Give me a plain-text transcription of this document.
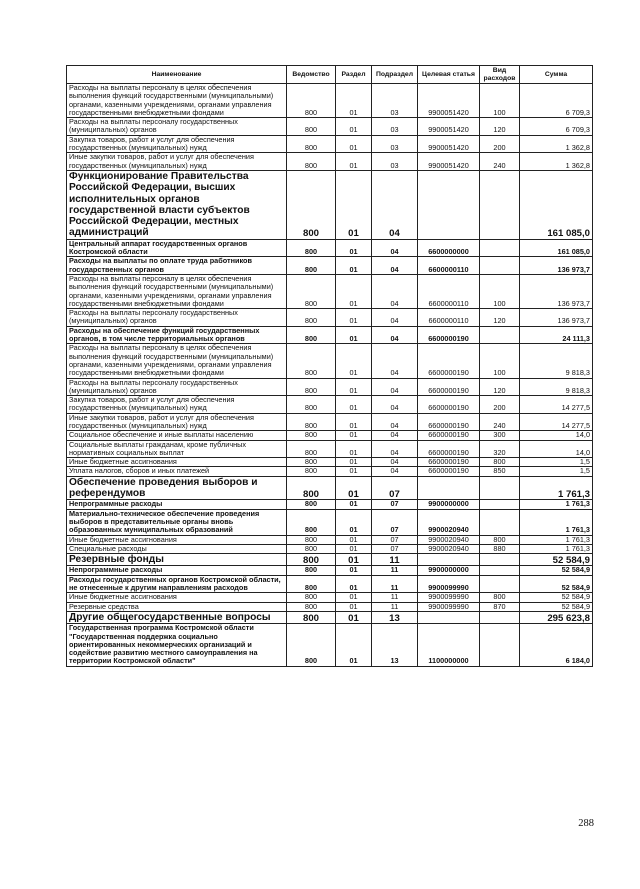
Наименование	Ведомство	Раздел	Подраздел	Целевая статья	Вид расходов	Сумма
Расходы на выплаты персоналу в целях обеспечения выполнения функций государственными (муниципальными) органами, казенными учреждениями, органами управления государственными внебюджетными фондами	800	01	03	9900051420	100	6 709,3
Расходы на выплаты персоналу государственных (муниципальных) органов	800	01	03	9900051420	120	6 709,3
Закупка товаров, работ и услуг для обеспечения государственных (муниципальных) нужд	800	01	03	9900051420	200	1 362,8
Иные закупки товаров, работ и услуг для обеспечения государственных (муниципальных) нужд	800	01	03	9900051420	240	1 362,8
Функционирование Правительства Российской Федерации, высших исполнительных органов государственной власти субъектов Российской Федерации, местных администраций	800	01	04			161 085,0
Центральный аппарат государственных органов Костромской области	800	01	04	6600000000		161 085,0
Расходы на выплаты по оплате труда работников государственных органов	800	01	04	6600000110		136 973,7
Расходы на выплаты персоналу в целях обеспечения выполнения функций государственными (муниципальными) органами, казенными учреждениями, органами управления государственными внебюджетными фондами	800	01	04	6600000110	100	136 973,7
Расходы на выплаты персоналу государственных (муниципальных) органов	800	01	04	6600000110	120	136 973,7
Расходы на обеспечение функций государственных органов, в том числе территориальных органов	800	01	04	6600000190		24 111,3
Расходы на выплаты персоналу в целях обеспечения выполнения функций государственными (муниципальными) органами, казенными учреждениями, органами управления государственными внебюджетными фондами	800	01	04	6600000190	100	9 818,3
Расходы на выплаты персоналу государственных (муниципальных) органов	800	01	04	6600000190	120	9 818,3
Закупка товаров, работ и услуг для обеспечения государственных (муниципальных) нужд	800	01	04	6600000190	200	14 277,5
Иные закупки товаров, работ и услуг для обеспечения государственных (муниципальных) нужд	800	01	04	6600000190	240	14 277,5
Социальное обеспечение и иные выплаты населению	800	01	04	6600000190	300	14,0
Социальные выплаты гражданам, кроме публичных нормативных социальных выплат	800	01	04	6600000190	320	14,0
Иные бюджетные ассигнования	800	01	04	6600000190	800	1,5
Уплата налогов, сборов и иных платежей	800	01	04	6600000190	850	1,5
Обеспечение проведения выборов и референдумов	800	01	07			1 761,3
Непрограммные расходы	800	01	07	9900000000		1 761,3
Материально-техническое обеспечение проведения выборов в представительные органы вновь образованных муниципальных образований	800	01	07	9900020940		1 761,3
Иные бюджетные ассигнования	800	01	07	9900020940	800	1 761,3
Специальные расходы	800	01	07	9900020940	880	1 761,3
Резервные фонды	800	01	11			52 584,9
Непрограммные расходы	800	01	11	9900000000		52 584,9
Расходы государственных органов Костромской области, не отнесенные к другим направлениям расходов	800	01	11	9900099990		52 584,9
Иные бюджетные ассигнования	800	01	11	9900099990	800	52 584,9
Резервные средства	800	01	11	9900099990	870	52 584,9
Другие общегосударственные вопросы	800	01	13			295 623,8
Государственная программа Костромской области "Государственная поддержка социально ориентированных некоммерческих организаций и содействие развитию местного самоуправления на территории Костромской области"	800	01	13	1100000000		6 184,0
288
